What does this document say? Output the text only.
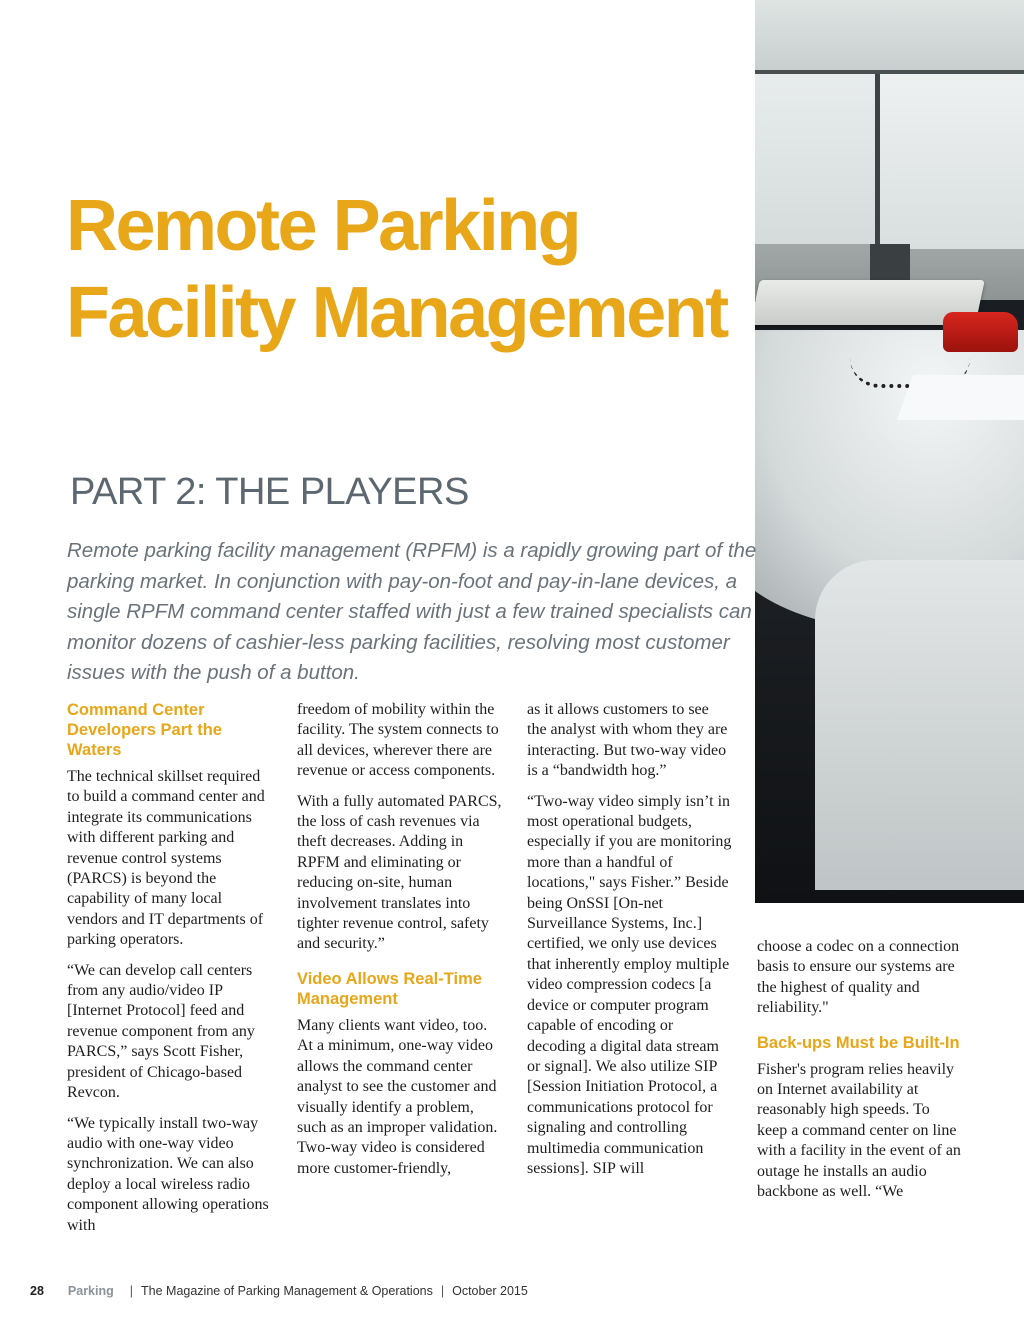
Remote Parking Facility Management
PART 2: THE PLAYERS

Remote parking facility management (RPFM) is a rapidly growing part of the parking market. In conjunction with pay-on-foot and pay-in-lane devices, a single RPFM command center staffed with just a few trained specialists can monitor dozens of cashier-less parking facilities, resolving most customer issues with the push of a button.

Command Center Developers Part the Waters

The technical skillset required to build a command center and integrate its communications with different parking and revenue control systems (PARCS) is beyond the capability of many local vendors and IT departments of parking operators.

“We can develop call centers from any audio/video IP [Internet Protocol] feed and revenue component from any PARCS,” says Scott Fisher, president of Chicago-based Revcon.

“We typically install two-way audio with one-way video synchronization. We can also deploy a local wireless radio component allowing operations with

freedom of mobility within the facility. The system connects to all devices, wherever there are revenue or access components.

With a fully automated PARCS, the loss of cash revenues via theft decreases. Adding in RPFM and eliminating or reducing on-site, human involvement translates into tighter revenue control, safety and security.”

Video Allows Real-Time Management

Many clients want video, too. At a minimum, one-way video allows the command center analyst to see the customer and visually identify a problem, such as an improper validation. Two-way video is considered more customer-friendly,

as it allows customers to see the analyst with whom they are interacting. But two-way video is a “bandwidth hog.”

“Two-way video simply isn’t in most operational budgets, especially if you are monitoring more than a handful of locations," says Fisher.” Beside being OnSSI [On-net Surveillance Systems, Inc.] certified, we only use devices that inherently employ multiple video compression codecs [a device or computer program capable of encoding or decoding a digital data stream or signal]. We also utilize SIP [Session Initiation Protocol, a communications protocol for signaling and controlling multimedia communication sessions]. SIP will

choose a codec on a connection basis to ensure our systems are the highest of quality and reliability."

Back-ups Must be Built-In

Fisher's program relies heavily on Internet availability at reasonably high speeds. To keep a command center on line with a facility in the event of an outage he installs an audio backbone as well. “We

28 Parking | The Magazine of Parking Management & Operations | October 2015
